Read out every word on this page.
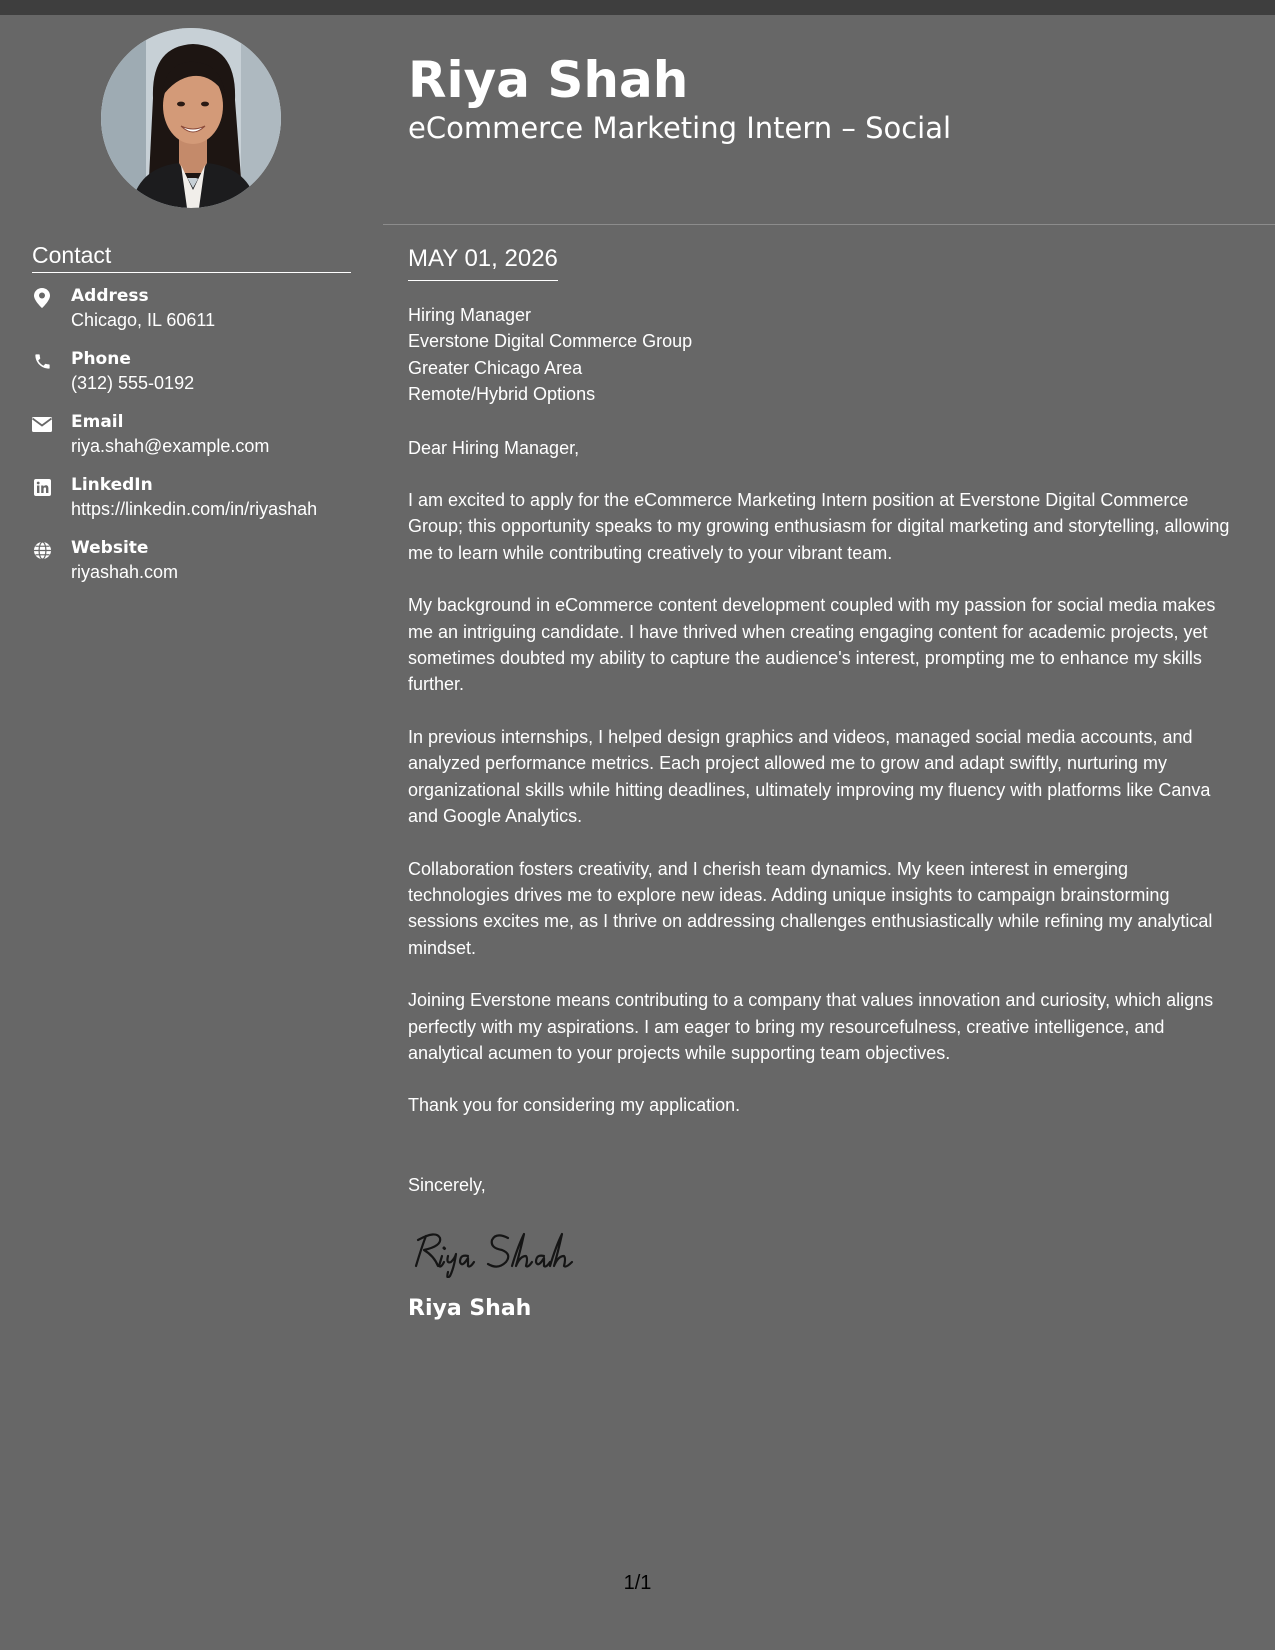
Contact
Address
Chicago, IL 60611
Phone
(312) 555-0192
Email
riya.shah@example.com
LinkedIn
https://linkedin.com/in/riyashah
Website
riyashah.com
Riya Shah
eCommerce Marketing Intern – Social
MAY 01, 2026
Hiring Manager
Everstone Digital Commerce Group
Greater Chicago Area
Remote/Hybrid Options

Dear Hiring Manager,

I am excited to apply for the eCommerce Marketing Intern position at Everstone Digital Commerce Group; this opportunity speaks to my growing enthusiasm for digital marketing and storytelling, allowing me to learn while contributing creatively to your vibrant team.

My background in eCommerce content development coupled with my passion for social media makes me an intriguing candidate. I have thrived when creating engaging content for academic projects, yet sometimes doubted my ability to capture the audience's interest, prompting me to enhance my skills further.

In previous internships, I helped design graphics and videos, managed social media accounts, and analyzed performance metrics. Each project allowed me to grow and adapt swiftly, nurturing my organizational skills while hitting deadlines, ultimately improving my fluency with platforms like Canva and Google Analytics.

Collaboration fosters creativity, and I cherish team dynamics. My keen interest in emerging technologies drives me to explore new ideas. Adding unique insights to campaign brainstorming sessions excites me, as I thrive on addressing challenges enthusiastically while refining my analytical mindset.

Joining Everstone means contributing to a company that values innovation and curiosity, which aligns perfectly with my aspirations. I am eager to bring my resourcefulness, creative intelligence, and analytical acumen to your projects while supporting team objectives.

Thank you for considering my application.

Sincerely,

Riya Shah
1/1
